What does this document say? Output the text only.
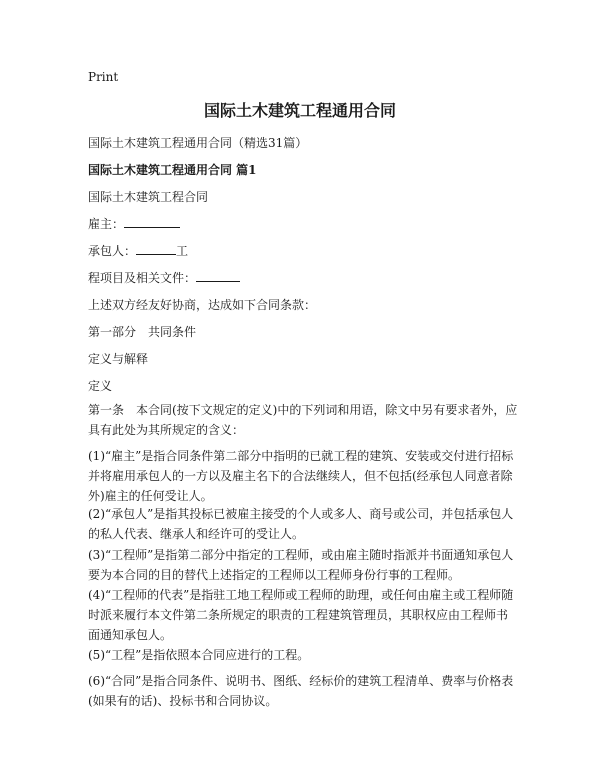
Print
国际土木建筑工程通用合同
国际土木建筑工程通用合同（精选31篇）
国际土木建筑工程通用合同 篇1
国际土木建筑工程合同
雇主：
承包人：	工
程项目及相关文件：
上述双方经友好协商，达成如下合同条款：
第一部分　共同条件
定义与解释
定义
第一条　本合同(按下文规定的定义)中的下列词和用语，除文中另有要求者外，应具有此处为其所规定的含义：
(1)“雇主”是指合同条件第二部分中指明的已就工程的建筑、安装或交付进行招标并将雇用承包人的一方以及雇主名下的合法继续人，但不包括(经承包人同意者除外)雇主的任何受让人。
(2)“承包人”是指其投标已被雇主接受的个人或多人、商号或公司，并包括承包人的私人代表、继承人和经许可的受让人。
(3)“工程师”是指第二部分中指定的工程师，或由雇主随时指派并书面通知承包人要为本合同的目的替代上述指定的工程师以工程师身份行事的工程师。
(4)“工程师的代表”是指驻工地工程师或工程师的助理，或任何由雇主或工程师随时派来履行本文件第二条所规定的职责的工程建筑管理员，其职权应由工程师书面通知承包人。
(5)“工程”是指依照本合同应进行的工程。
(6)“合同”是指合同条件、说明书、图纸、经标价的建筑工程清单、费率与价格表(如果有的话)、投标书和合同协议。
